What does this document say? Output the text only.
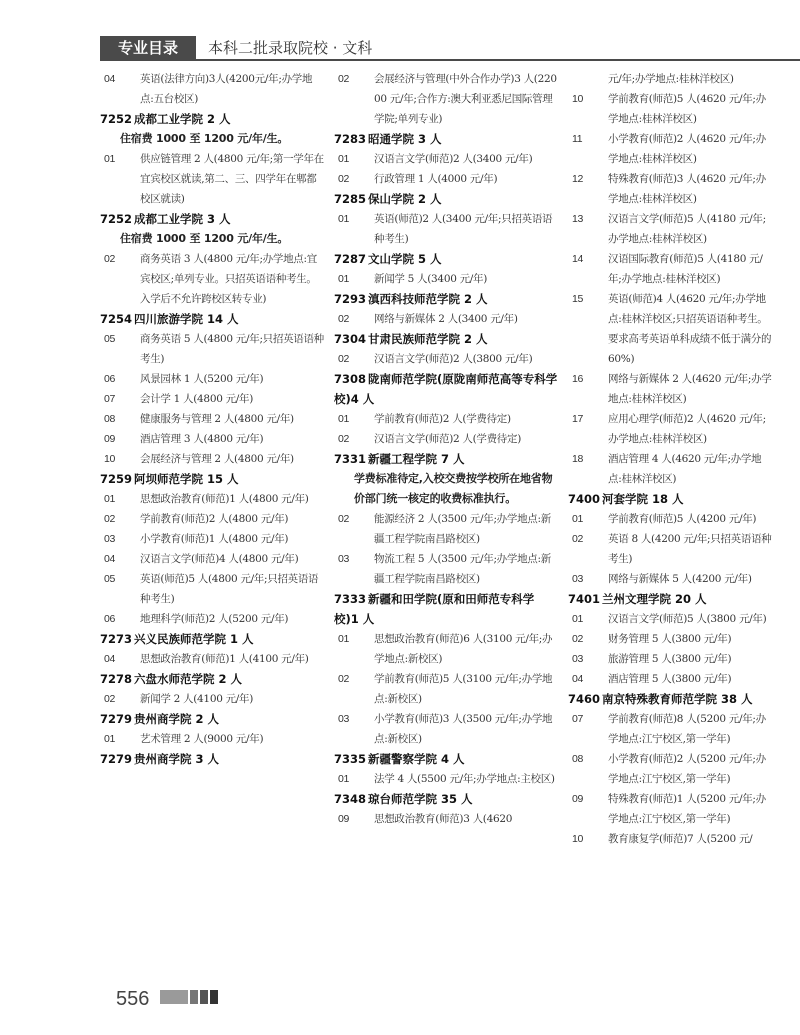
专业目录	本科二批录取院校 · 文科
04	英语(法律方向)3人(4200元/年;办学地点:五台校区)
7252 成都工业学院 2 人
住宿费 1000 至 1200 元/年/生。
01	供应链管理 2 人(4800 元/年;第一学年在宜宾校区就读,第二、三、四学年在郫都校区就读)
7252 成都工业学院 3 人
住宿费 1000 至 1200 元/年/生。
02	商务英语 3 人(4800 元/年;办学地点:宜宾校区;单列专业。只招英语语种考生。入学后不允许跨校区转专业)
7254 四川旅游学院 14 人
05	商务英语 5 人(4800 元/年;只招英语语种考生)
06	风景园林 1 人(5200 元/年)
07	会计学 1 人(4800 元/年)
08	健康服务与管理 2 人(4800 元/年)
09	酒店管理 3 人(4800 元/年)
10	会展经济与管理 2 人(4800 元/年)
7259 阿坝师范学院 15 人
01	思想政治教育(师范)1 人(4800 元/年)
02	学前教育(师范)2 人(4800 元/年)
03	小学教育(师范)1 人(4800 元/年)
04	汉语言文学(师范)4 人(4800 元/年)
05	英语(师范)5 人(4800 元/年;只招英语语种考生)
06	地理科学(师范)2 人(5200 元/年)
7273 兴义民族师范学院 1 人
04	思想政治教育(师范)1 人(4100 元/年)
7278 六盘水师范学院 2 人
02	新闻学 2 人(4100 元/年)
7279 贵州商学院 2 人
01	艺术管理 2 人(9000 元/年)
7279 贵州商学院 3 人
02	会展经济与管理(中外合作办学)3 人(22000 元/年;合作方:澳大利亚悉尼国际管理学院;单列专业)
7283 昭通学院 3 人
01	汉语言文学(师范)2 人(3400 元/年)
02	行政管理 1 人(4000 元/年)
7285 保山学院 2 人
01	英语(师范)2 人(3400 元/年;只招英语语种考生)
7287 文山学院 5 人
01	新闻学 5 人(3400 元/年)
7293 滇西科技师范学院 2 人
02	网络与新媒体 2 人(3400 元/年)
7304 甘肃民族师范学院 2 人
02	汉语言文学(师范)2 人(3800 元/年)
7308 陇南师范学院(原陇南师范高等专科学校)4 人
01	学前教育(师范)2 人(学费待定)
02	汉语言文学(师范)2 人(学费待定)
7331 新疆工程学院 7 人
学费标准待定,入校交费按学校所在地省物价部门统一核定的收费标准执行。
02	能源经济 2 人(3500 元/年;办学地点:新疆工程学院南昌路校区)
03	物流工程 5 人(3500 元/年;办学地点:新疆工程学院南昌路校区)
7333 新疆和田学院(原和田师范专科学校)1 人
01	思想政治教育(师范)6 人(3100 元/年;办学地点:新校区)
02	学前教育(师范)5 人(3100 元/年;办学地点:新校区)
03	小学教育(师范)3 人(3500 元/年;办学地点:新校区)
7335 新疆警察学院 4 人
01	法学 4 人(5500 元/年;办学地点:主校区)
7348 琼台师范学院 35 人
09	思想政治教育(师范)3 人(4620
元/年;办学地点:桂林洋校区)
10	学前教育(师范)5 人(4620 元/年;办学地点:桂林洋校区)
11	小学教育(师范)2 人(4620 元/年;办学地点:桂林洋校区)
12	特殊教育(师范)3 人(4620 元/年;办学地点:桂林洋校区)
13	汉语言文学(师范)5 人(4180 元/年;办学地点:桂林洋校区)
14	汉语国际教育(师范)5 人(4180 元/年;办学地点:桂林洋校区)
15	英语(师范)4 人(4620 元/年;办学地点:桂林洋校区;只招英语语种考生。要求高考英语单科成绩不低于满分的60%)
16	网络与新媒体 2 人(4620 元/年;办学地点:桂林洋校区)
17	应用心理学(师范)2 人(4620 元/年;办学地点:桂林洋校区)
18	酒店管理 4 人(4620 元/年;办学地点:桂林洋校区)
7400 河套学院 18 人
01	学前教育(师范)5 人(4200 元/年)
02	英语 8 人(4200 元/年;只招英语语种考生)
03	网络与新媒体 5 人(4200 元/年)
7401 兰州文理学院 20 人
01	汉语言文学(师范)5 人(3800 元/年)
02	财务管理 5 人(3800 元/年)
03	旅游管理 5 人(3800 元/年)
04	酒店管理 5 人(3800 元/年)
7460 南京特殊教育师范学院 38 人
07	学前教育(师范)8 人(5200 元/年;办学地点:江宁校区,第一学年)
08	小学教育(师范)2 人(5200 元/年;办学地点:江宁校区,第一学年)
09	特殊教育(师范)1 人(5200 元/年;办学地点:江宁校区,第一学年)
10	教育康复学(师范)7 人(5200 元/
556
